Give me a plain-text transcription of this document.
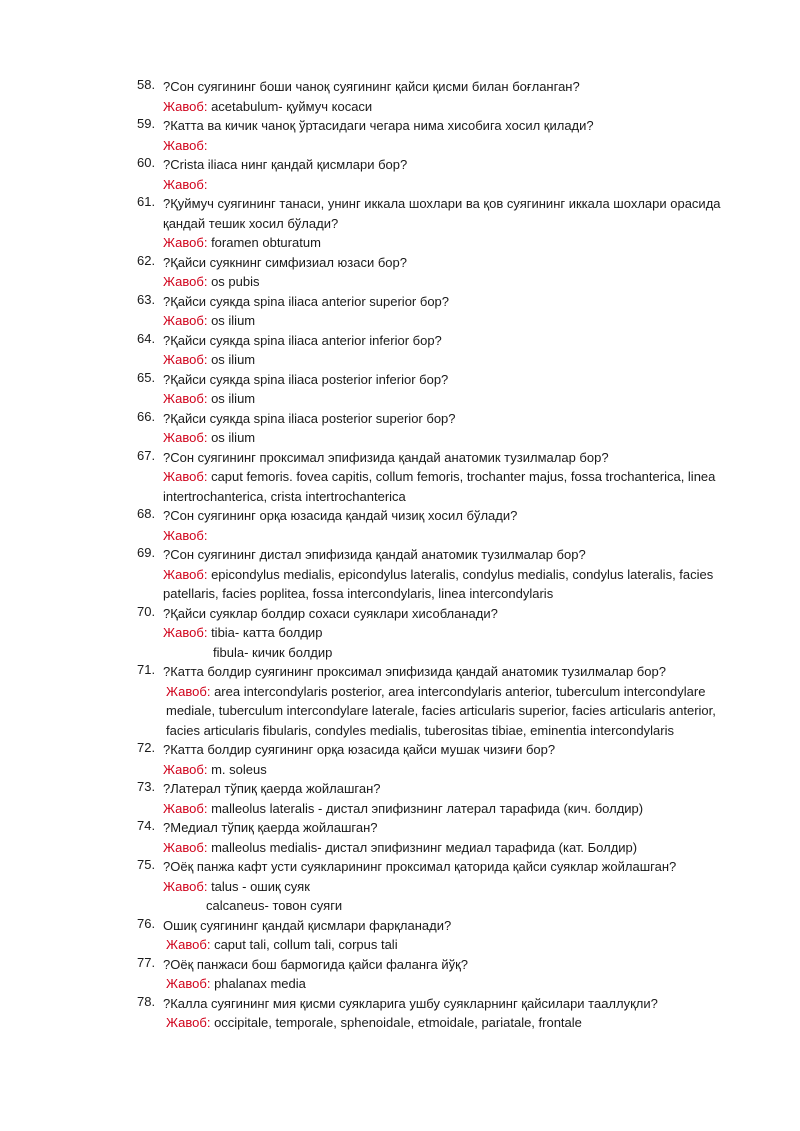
58. ?Сон суягининг боши чаноқ суягининг қайси қисми билан боғланган?
Жавоб: acetabulum- қуймуч косаси
59. ?Катта ва кичик чаноқ ўртасидаги чегара нима хисобига хосил қилади?
Жавоб:
60. ?Crista iliaca нинг қандай қисмлари бор?
Жавоб:
61. ?Қуймуч суягининг танаси, унинг иккала шохлари ва қов суягининг иккала шохлари орасида қандай тешик хосил бўлади?
Жавоб: foramen obturatum
62. ?Қайси суякнинг симфизиал юзаси бор?
Жавоб: os pubis
63. ?Қайси суякда spina iliaca anterior superior бор?
Жавоб: os ilium
64. ?Қайси суякда spina iliaca anterior inferior бор?
Жавоб: os ilium
65. ?Қайси суякда spina iliaca posterior inferior бор?
Жавоб: os ilium
66. ?Қайси суякда spina iliaca posterior superior бор?
Жавоб: os ilium
67. ?Сон суягининг проксимал эпифизида қандай анатомик тузилмалар бор?
Жавоб: caput femoris. fovea capitis, collum femoris, trochanter majus, fossa trochanterica, linea intertrochanterica, crista intertrochanterica
68. ?Сон суягининг орқа юзасида қандай чизиқ хосил бўлади?
Жавоб:
69. ?Сон суягининг дистал эпифизида қандай анатомик тузилмалар бор?
Жавоб: epicondylus medialis, epicondylus lateralis, condylus medialis, condylus lateralis, facies patellaris, facies poplitea, fossa intercondylaris, linea intercondylaris
70. ?Қайси суяклар болдир сохаси суяклари хисобланади?
Жавоб: tibia- катта болдир
fibula- кичик болдир
71. ?Катта болдир суягининг проксимал эпифизида қандай анатомик тузилмалар бор?
Жавоб: area intercondylaris posterior, area intercondylaris anterior, tuberculum intercondylare mediale, tuberculum intercondylare laterale, facies articularis superior, facies articularis anterior, facies articularis fibularis, condyles medialis, tuberositas tibiae, eminentia intercondylaris
72. ?Катта болдир суягининг орқа юзасида қайси мушак чизиғи бор?
Жавоб: m. soleus
73. ?Латерал тўпиқ қаерда жойлашган?
Жавоб: malleolus lateralis - дистал эпифизнинг латерал тарафида (кич. болдир)
74. ?Медиал тўпиқ қаерда жойлашган?
Жавоб: malleolus medialis- дистал эпифизнинг медиал тарафида (кат. Болдир)
75. ?Оёқ панжа кафт усти суякларининг проксимал қаторида қайси суяклар жойлашган?
Жавоб: talus - ошиқ суяк
calcaneus- товон суяги
76. Ошиқ суягининг қандай қисмлари фарқланади?
Жавоб: caput tali, collum tali, corpus tali
77. ?Оёқ панжаси бош бармогида қайси фаланга йўқ?
Жавоб: phalanax media
78. ?Калла суягининг мия қисми суякларига ушбу суякларнинг қайсилари тааллуқли?
Жавоб: occipitale, temporale, sphenoidale, etmoidale, pariatale, frontale
